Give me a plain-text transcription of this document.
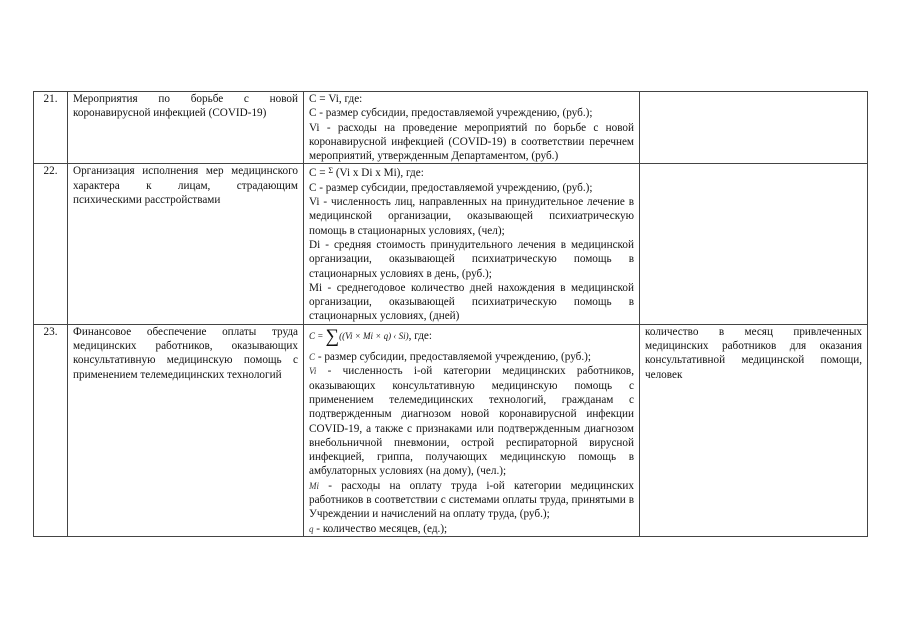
21.	Мероприятия по борьбе с новой коронавирусной инфекцией (COVID-19)	С = Vi, где:

С - размер субсидии, предоставляемой учреждению, (руб.);

Vi - расходы на проведение мероприятий по борьбе с новой коронавирусной инфекцией (COVID-19) в соответствии перечнем мероприятий, утвержденным Департаментом, (руб.)	

22.	Организация исполнения мер медицинского характера к лицам, страдающим психическими расстройствами	С = $^\Sigma$ (Vi x Di x Mi), где:

С - размер субсидии, предоставляемой учреждению, (руб.);

Vi - численность лиц, направленных на принудительное лечение в медицинской организации, оказывающей психиатрическую помощь в стационарных условиях, (чел);

Di - средняя стоимость принудительного лечения в медицинской организации, оказывающей психиатрическую помощь в стационарных условиях в день, (руб.);

Mi - среднегодовое количество дней нахождения в медицинской организации, оказывающей психиатрическую помощь в стационарных условиях, (дней)	

23.	Финансовое обеспечение оплаты труда медицинских работников, оказывающих консультативную медицинскую помощь с применением телемедицинских технологий	C = ∑((Vi × Mi × q) ‹ Si), где:

C - размер субсидии, предоставляемой учреждению, (руб.);

Vi - численность i-ой категории медицинских работников, оказывающих консультативную медицинскую помощь с применением телемедицинских технологий, гражданам с подтвержденным диагнозом новой коронавирусной инфекции COVID-19, а также с признаками или подтвержденным диагнозом внебольничной пневмонии, острой респираторной вирусной инфекцией, гриппа, получающих медицинскую помощь в амбулаторных условиях (на дому), (чел.);

Mi - расходы на оплату труда i-ой категории медицинских работников в соответствии с системами оплаты труда, принятыми в Учреждении и начислений на оплату труда, (руб.);

q - количество месяцев, (ед.);	количество в месяц привлеченных медицинских работников для оказания консультативной медицинской помощи, человек
